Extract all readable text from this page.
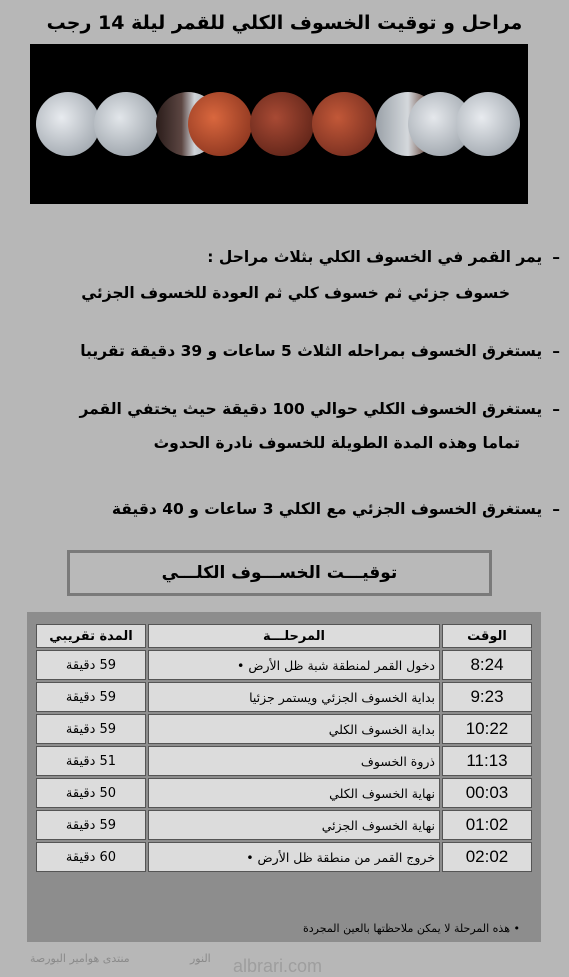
مراحل و توقيت الخسوف الكلي للقمر ليلة 14 رجب
–يمر القمر في الخسوف الكلي بثلاث مراحل :
خسوف جزئي ثم خسوف كلي ثم العودة للخسوف الجزئي
–يستغرق الخسوف بمراحله الثلاث 5 ساعات و 39 دقيقة تقريبا
–يستغرق الخسوف الكلي حوالي 100 دقيقة حيث يختفي القمر
تماما وهذه المدة الطويلة للخسوف نادرة الحدوث
–يستغرق الخسوف الجزئي مع الكلي 3 ساعات و 40 دقيقة
توقيـــت الخســـوف الكلـــي
الوقت	المرحلـــة	المدة تقريبي
8:24	دخول القمر لمنطقة شبة ظل الأرض •	59 دقيقة
9:23	بداية الخسوف الجزئي ويستمر جزئيا	59 دقيقة
10:22	بداية الخسوف الكلي	59 دقيقة
11:13	ذروة الخسوف	51 دقيقة
00:03	نهاية الخسوف الكلي	50 دقيقة
01:02	نهاية الخسوف الجزئي	59 دقيقة
02:02	خروج القمر من منطقة ظل الأرض •	60 دقيقة
• هذه المرحلة لا يمكن ملاحظتها بالعين المجردة
منتدى هوامير البورصة	النور albrari.com
